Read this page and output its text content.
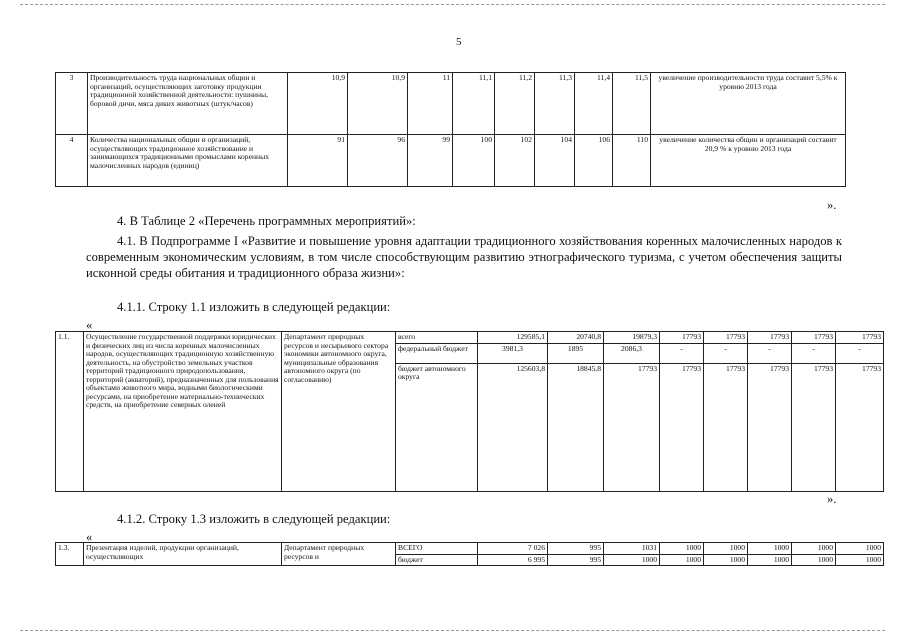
5
3	Производительность труда национальных общин и организаций, осуществляющих заготовку продукции традиционной хозяйственной деятельности: пушнины, боровой дичи, мяса диких животных (штук/часов)	10,9	10,9	11	11,1	11,2	11,3	11,4	11,5	увеличение производительности труда составит 5,5% к уровню 2013 года
4	Количества национальных общин и организаций, осуществляющих традиционное хозяйствование и занимающихся традиционными промыслами коренных малочисленных народов (единиц)	91	96	99	100	102	104	106	110	увеличение количества общин и организаций составит 20,9 % к уровню 2013 года
».
4. В Таблице 2 «Перечень программных мероприятий»:
4.1. В Подпрограмме I «Развитие и повышение уровня адаптации традиционного хозяйствования коренных малочисленных народов к современным экономическим условиям, в том числе способствующим развитию этнографического туризма, с учетом обеспечения защиты исконной среды обитания и традиционного образа жизни»:
4.1.1. Строку 1.1 изложить в следующей редакции:
«
1.1.	Осуществление государственной поддержки юридических и физических лиц из числа коренных малочисленных народов, осуществляющих традиционную хозяйственную деятельность, на обустройство земельных участков территорий традиционного природопользования, территорий (акваторий), предназначенных для пользования объектами животного мира, водными биологическими ресурсами, на приобретение материально-технических средств, на приобретение северных оленей	Департамент природных ресурсов и несырьевого сектора экономики автономного округа, муниципальные образования автономного округа (по согласованию)	всего	129585,1	20740,8	19879,3	17793	17793	17793	17793	17793
			федеральный бюджет	3981,3	1895	2086,3	-	-	-	-	-
			бюджет автономного округа	125603,8	18845,8	17793	17793	17793	17793	17793	17793
».
4.1.2. Строку 1.3 изложить в следующей редакции:
«
1.3.	Презентация изделий, продукции организаций, осуществляющих	Департамент природных ресурсов и	ВСЕГО	7 026	995	1031	1000	1000	1000	1000	1000
			бюджет	6 995	995	1000	1000	1000	1000	1000	1000
